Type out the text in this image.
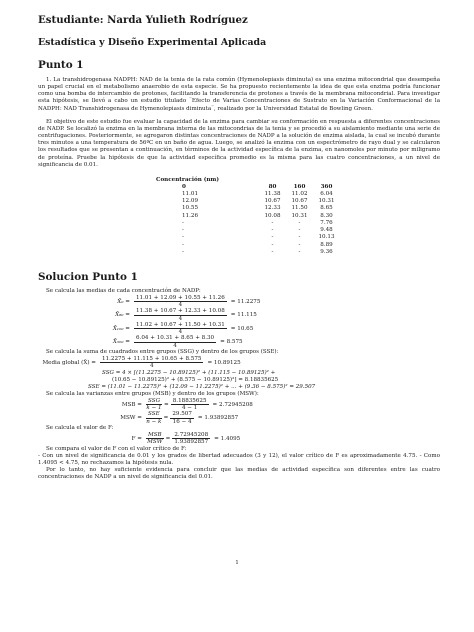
Estudiante: Narda Yulieth Rodríguez
Estadística y Diseño Experimental Aplicada
Punto 1

1. La transhidrogenasa NADPH: NAD de la tenia de la rata común (Hymenolepiasis diminuta) es una enzima mitocondrial que desempeña un papel crucial en el metabolismo anaerobio de esta especie. Se ha propuesto recientemente la idea de que esta enzima podría funcionar como una bomba de intercambio de protones, facilitando la transferencia de protones a través de la membrana mitocondrial. Para investigar esta hipótesis, se llevó a cabo un estudio titulado ¨Efecto de Varias Concentraciones de Sustrato en la Variación Conformacional de la NADPH: NAD Transhidrogenasa de Hymenolepiasis diminuta¨, realizado por la Universidad Estatal de Bowling Green.

El objetivo de este estudio fue evaluar la capacidad de la enzima para cambiar su conformación en respuesta a diferentes concentraciones de NADP. Se localizó la enzima en la membrana interna de las mitocondrias de la tenia y se procedió a su aislamiento mediante una serie de centrifugaciones. Posteriormente, se agregaron distintas concentraciones de NADP a la solución de enzima aislada, la cual se incubó durante tres minutos a una temperatura de 56ºC en un baño de agua. Luego, se analizó la enzima con un espectrómetro de rayo dual y se calcularon los resultados que se presentan a continuación, en términos de la actividad específica de la enzima, en nanomoles por minuto por miligramo de proteína. Pruebe la hipótesis de que la actividad específica promedio es la misma para las cuatro concentraciones, a un nivel de significancia de 0.01.

Concentración (nm)
0		80	160	360
11.01		11.38	11.02	6.04
12.09		10.67	10.67	10.31
10.55		12.33	11.50	8.65
11.26		10.08	10.31	8.30
-		-	-	7.76
-		-	-	9.48
-		-	-	10.13
-		-	-	8.89
-		-	-	9.36
Solucion Punto 1

Se calcula las medias de cada concentración de NADP:

X̄₀ = $\frac{11.01 + 12.09 + 10.55 + 11.26}{4} = 11.2275$
X̄₈₀ = $\frac{11.38 + 10.67 + 12.33 + 10.08}{4} = 11.115$
X̄₁₆₀ = $\frac{11.02 + 10.67 + 11.50 + 10.31}{4} = 10.65$
X̄₃₆₀ = $\frac{6.04 + 10.31 + 8.65 + 8.30}{4} = 8.575$

Se calcula la suma de cuadrados entre grupos (SSG) y dentro de los grupos (SSE):

Media global (X̄) = $\frac{11.2275 + 11.115 + 10.65 + 8.575}{4} = 10.89125$

SSG = 4 × [(11.2275 − 10.89125)² + (11.115 − 10.89125)² +

(10.65 − 10.89125)² + (8.575 − 10.89125)²] = 8.18835625

SSE = (11.01 − 11.2275)² + (12.09 − 11.2275)² + ... + (9.36 − 8.575)² = 29.507

Se calcula las varianzas entre grupos (MSB) y dentro de los grupos (MSW):

MSB = $\frac{\text{SSG}}{k - 1} = \frac{8.18835625}{4 - 1} = 2.72945208$
MSW = $\frac{\text{SSE}}{n - k} = \frac{29.507}{16 - 4} = 1.93892857$

Se calcula el valor de F:

$F = \frac{\text{MSB}}{\text{MSW}} = \frac{2.72945208}{1.93892857} = 1.4095$

Se compara el valor de F con el valor crítico de F:

- Con un nivel de significancia de 0.01 y los grados de libertad adecuados (3 y 12), el valor crítico de F es aproximadamente 4.75. - Como 1.4095 < 4.75, no rechazamos la hipótesis nula.

Por lo tanto, no hay suficiente evidencia para concluir que las medias de actividad específica son diferentes entre las cuatro concentraciones de NADP a un nivel de significancia del 0.01.

1
